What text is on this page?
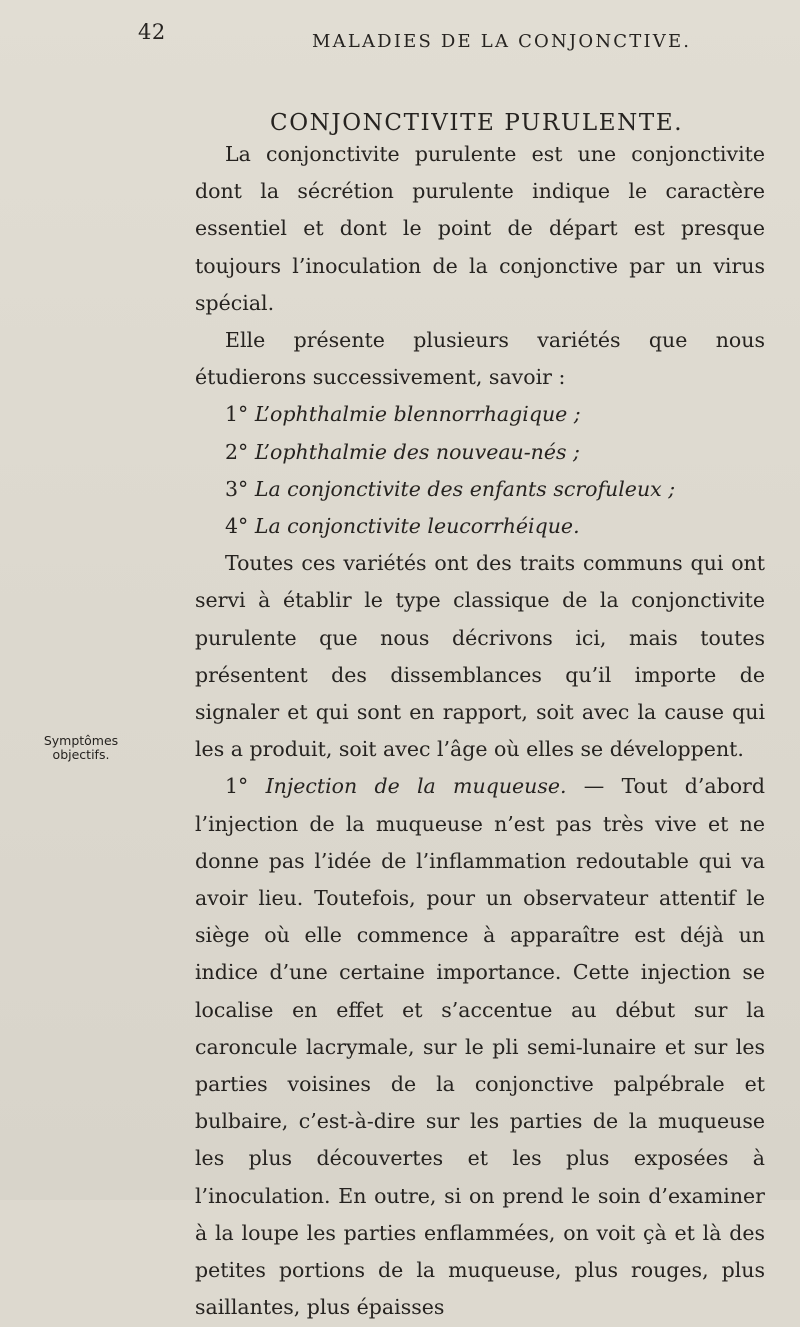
42	MALADIES DE LA CONJONCTIVE.
CONJONCTIVITE PURULENTE.
Symptômes
objectifs.

La conjonctivite purulente est une conjonctivite dont la sécrétion purulente indique le caractère essentiel et dont le point de départ est presque toujours l’inoculation de la conjonctive par un virus spécial.

Elle présente plusieurs variétés que nous étudierons successivement, savoir :

1° L’ophthalmie blennorrhagique ;

2° L’ophthalmie des nouveau-nés ;

3° La conjonctivite des enfants scrofuleux ;

4° La conjonctivite leucorrhéique.

Toutes ces variétés ont des traits communs qui ont servi à établir le type classique de la conjonctivite purulente que nous décrivons ici, mais toutes présentent des dissemblances qu’il importe de signaler et qui sont en rapport, soit avec la cause qui les a produit, soit avec l’âge où elles se développent.

1° Injection de la muqueuse. — Tout d’abord l’injection de la muqueuse n’est pas très vive et ne donne pas l’idée de l’inflammation redoutable qui va avoir lieu. Toutefois, pour un observateur attentif le siège où elle commence à apparaître est déjà un indice d’une certaine importance. Cette injection se localise en effet et s’accentue au début sur la caroncule lacrymale, sur le pli semi-lunaire et sur les parties voisines de la conjonctive palpébrale et bulbaire, c’est-à-dire sur les parties de la muqueuse les plus découvertes et les plus exposées à l’inoculation. En outre, si on prend le soin d’examiner à la loupe les parties enflammées, on voit çà et là des petites portions de la muqueuse, plus rouges, plus saillantes, plus épaisses
